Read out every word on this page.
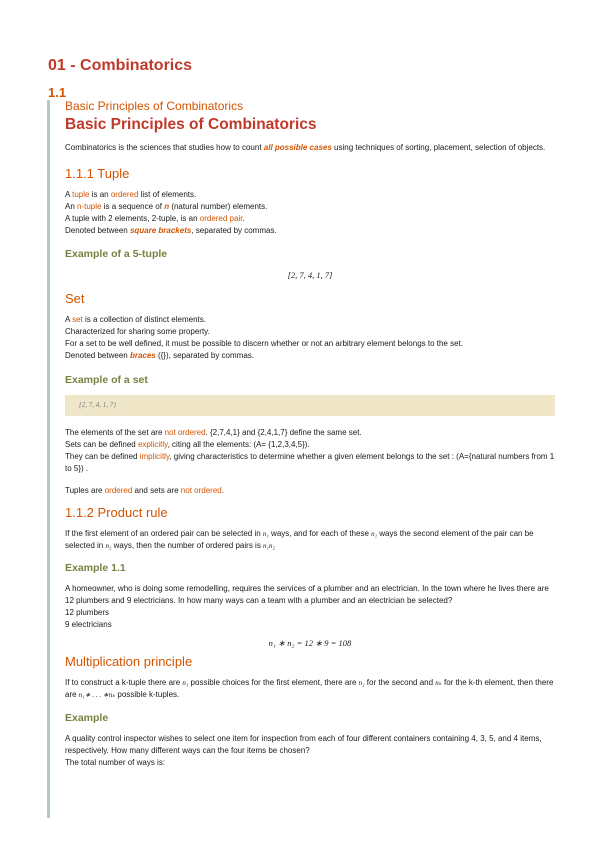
01 - Combinatorics
1.1
Basic Principles of Combinatorics
Basic Principles of Combinatorics

Combinatorics is the sciences that studies how to count all possible cases using techniques of sorting, placement, selection of objects.

1.1.1 Tuple

A tuple is an ordered list of elements.

An n-tuple is a sequence of n (natural number) elements.

A tuple with 2 elements, 2-tuple, is an ordered pair.

Denoted between square brackets, separated by commas.

Example of a 5-tuple
[2, 7, 4, 1, 7]
Set

A set is a collection of distinct elements.

Characterized for sharing some property.

For a set to be well defined, it must be possible to discern whether or not an arbitrary element belongs to the set.

Denoted between braces ({}), separated by commas.

Example of a set
{2, 7, 4, 1, 7}

The elements of the set are not ordered. {2,7,4,1} and {2,4,1,7} define the same set.

Sets can be defined explicitly, citing all the elements: (A= {1,2,3,4,5}).

They can be defined implicitly, giving characteristics to determine whether a given element belongs to the set : (A={natural numbers from 1 to 5}) .

Tuples are ordered and sets are not ordered.

1.1.2 Product rule

If the first element of an ordered pair can be selected in n₁ ways, and for each of these n₁ ways the second element of the pair can be selected in n₂ ways, then the number of ordered pairs is n₁n₂

Example 1.1

A homeowner, who is doing some remodelling, requires the services of a plumber and an electrician. In the town where he lives there are 12 plumbers and 9 electricians. In how many ways can a team with a plumber and an electrician be selected?

12 plumbers

9 electricians

n₁ ∗ n₂ = 12 ∗ 9 = 108
Multiplication principle

If to construct a k-tuple there are n₁ possible choices for the first element, there are n₂ for the second and nₖ for the k-th element, then there are n₁∗ . . . ∗nₖ possible k-tuples.

Example

A quality control inspector wishes to select one item for inspection from each of four different containers containing 4, 3, 5, and 4 items, respectively. How many different ways can the four items be chosen?

The total number of ways is:
